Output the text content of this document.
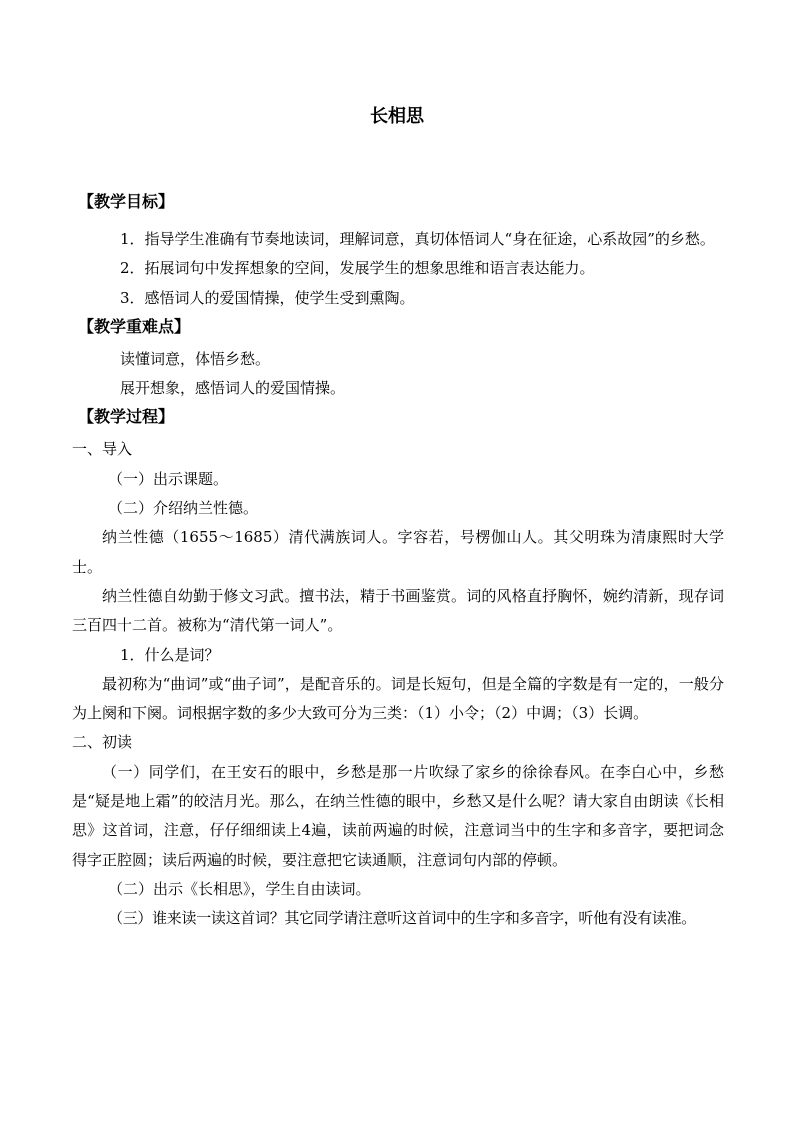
长相思
【教学目标】

1．指导学生准确有节奏地读词，理解词意，真切体悟词人“身在征途，心系故园”的乡愁。

2．拓展词句中发挥想象的空间，发展学生的想象思维和语言表达能力。

3．感悟词人的爱国情操，使学生受到熏陶。

【教学重难点】

读懂词意，体悟乡愁。

展开想象，感悟词人的爱国情操。

【教学过程】

一、导入

（一）出示课题。

（二）介绍纳兰性德。

纳兰性德（1655～1685）清代满族词人。字容若，号楞伽山人。其父明珠为清康熙时大学士。

纳兰性德自幼勤于修文习武。擅书法，精于书画鉴赏。词的风格直抒胸怀，婉约清新，现存词三百四十二首。被称为“清代第一词人”。

1．什么是词？

最初称为“曲词”或“曲子词”，是配音乐的。词是长短句，但是全篇的字数是有一定的，一般分为上阕和下阕。词根据字数的多少大致可分为三类：（1）小令；（2）中调；（3）长调。

二、初读

（一）同学们，在王安石的眼中，乡愁是那一片吹绿了家乡的徐徐春风。在李白心中，乡愁是“疑是地上霜”的皎洁月光。那么，在纳兰性德的眼中，乡愁又是什么呢？请大家自由朗读《长相思》这首词，注意，仔仔细细读上4遍，读前两遍的时候，注意词当中的生字和多音字，要把词念得字正腔圆；读后两遍的时候，要注意把它读通顺，注意词句内部的停顿。

（二）出示《长相思》，学生自由读词。

（三）谁来读一读这首词？其它同学请注意听这首词中的生字和多音字，听他有没有读准。
